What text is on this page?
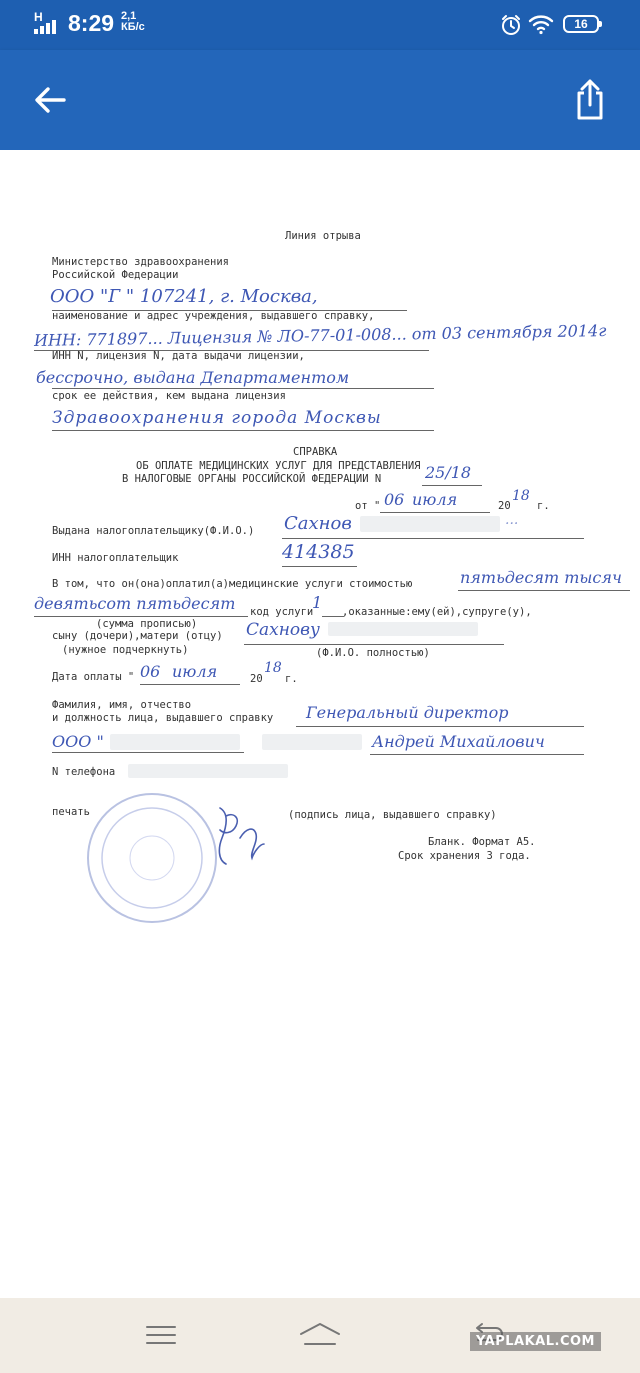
H 8:29 2,1
КБ/с	16
Линия отрыва
Министерство здравоохранения
Российской Федерации
ООО "Г " 107241, г. Москва,
наименование и адрес учреждения, выдавшего справку,
ИНН: 771897... Лицензия № ЛО-77-01-008... от 03 сентября 2014г
ИНН N, лицензия N, дата выдачи лицензии,
бессрочно, выдана Департаментом
срок ее действия, кем выдана лицензия
Здравоохранения города Москвы
СПРАВКА
ОБ ОПЛАТЕ МЕДИЦИНСКИХ УСЛУГ ДЛЯ ПРЕДСТАВЛЕНИЯ
В НАЛОГОВЫЕ ОРГАНЫ РОССИЙСКОЙ ФЕДЕРАЦИИ N	25/18
от " 06 июля	20
18
г.
Выдана налогоплательщику(Ф.И.О.) Сахнов	...
ИНН налогоплательщик	414385
В том, что он(она)оплатил(а)медицинские услуги стоимостью	пятьдесят тысяч
девятьсот пятьдесят код услуги
1 ,оказанные:ему(ей),супругe(у),
(сумма прописью)
сыну (дочери),матери (отцу) Сахнову
(нужное подчеркнуть)	(Ф.И.О. полностью)
Дата оплаты " 06 июля	20
18
г.
Фамилия, имя, отчество
и должность лица, выдавшего справку Генеральный директор
ООО "	Андрей Михайлович
N телефона
печать	(подпись лица, выдавшего справку)
Бланк. Формат А5.
Срок хранения 3 года.
YAPLAKAL.COM
